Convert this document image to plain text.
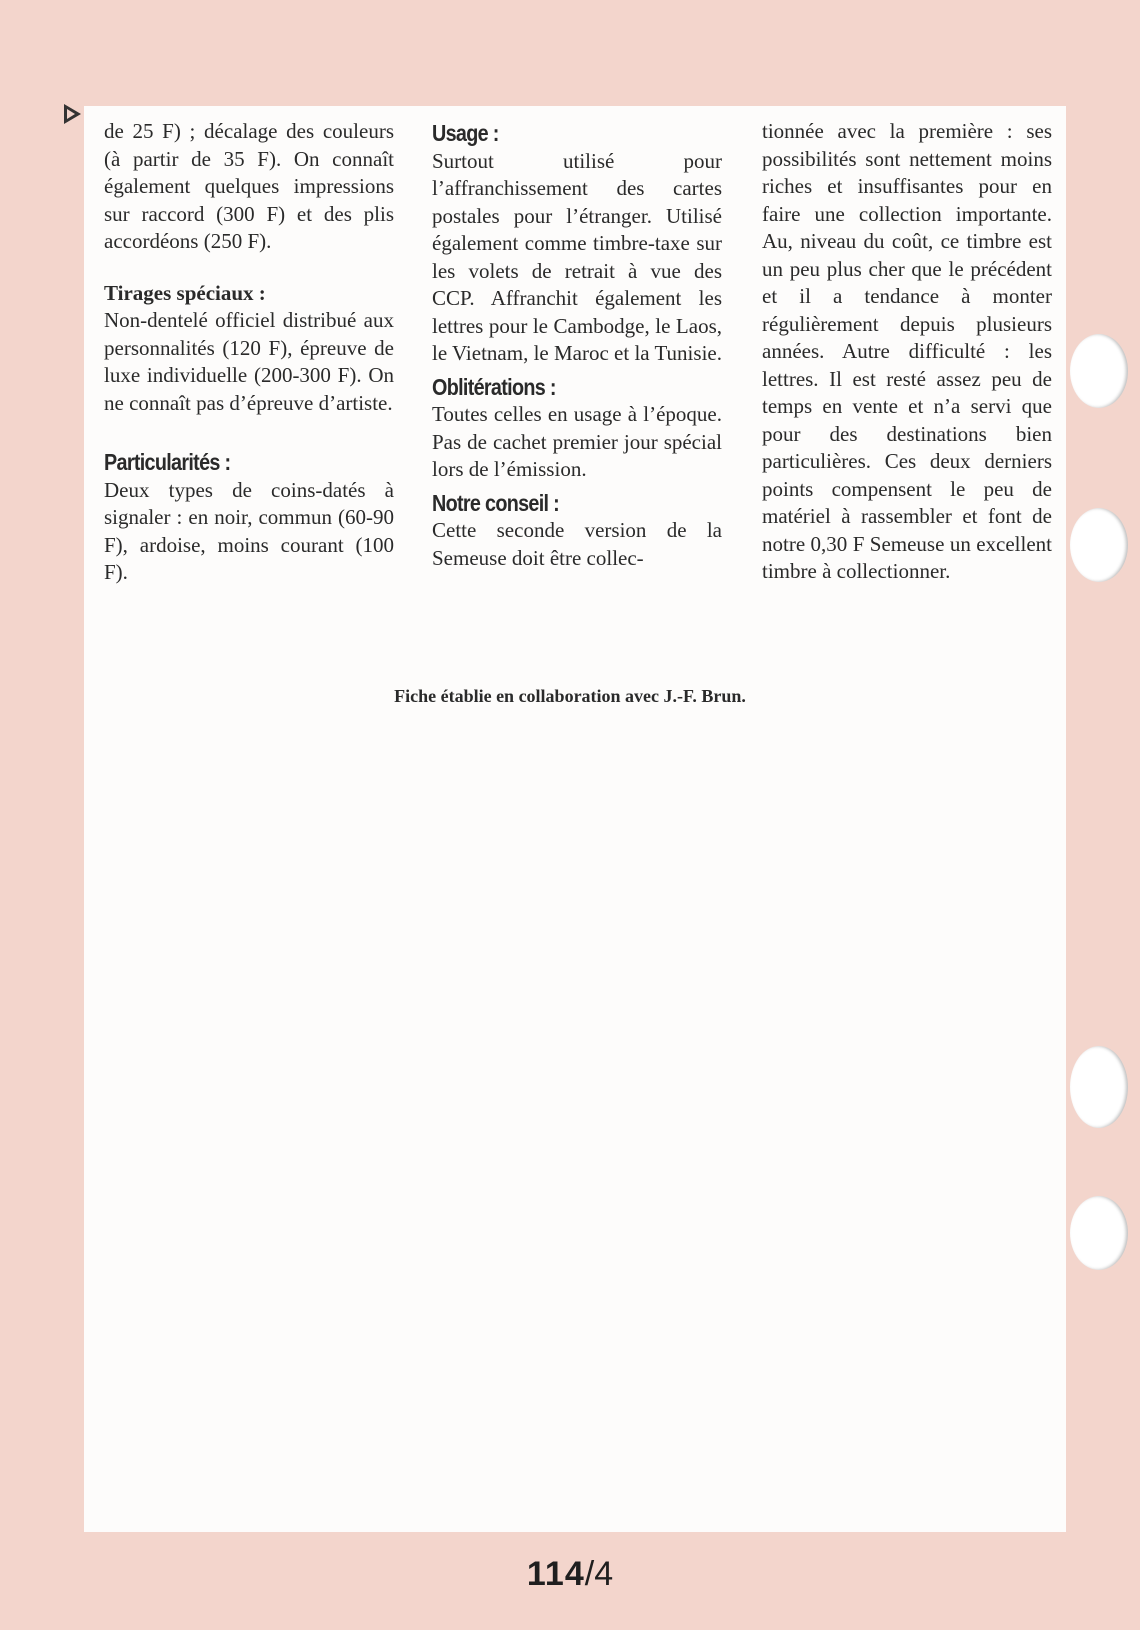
de 25 F) ; décalage des couleurs (à partir de 35 F). On connaît également quelques impressions sur raccord (300 F) et des plis accordéons (250 F).

Tirages spéciaux :

Non-dentelé officiel distribué aux personnalités (120 F), épreuve de luxe individuelle (200-300 F). On ne connaît pas d’épreuve d’artiste.

Particularités :

Deux types de coins-datés à signaler : en noir, commun (60-90 F), ardoise, moins courant (100 F).

Usage :

Surtout utilisé pour l’affranchissement des cartes postales pour l’étranger. Utilisé également comme timbre-taxe sur les volets de retrait à vue des CCP. Affranchit également les lettres pour le Cambodge, le Laos, le Vietnam, le Maroc et la Tunisie.

Oblitérations :

Toutes celles en usage à l’époque. Pas de cachet premier jour spécial lors de l’émission.

Notre conseil :

Cette seconde version de la Semeuse doit être collec-

tionnée avec la première : ses possibilités sont nettement moins riches et insuffisantes pour en faire une collection importante. Au, niveau du coût, ce timbre est un peu plus cher que le précédent et il a tendance à monter régulièrement depuis plusieurs années. Autre difficulté : les lettres. Il est resté assez peu de temps en vente et n’a servi que pour des destinations bien particulières. Ces deux derniers points compensent le peu de matériel à rassembler et font de notre 0,30 F Semeuse un excellent timbre à collectionner.

Fiche établie en collaboration avec J.-F. Brun.
114/4
